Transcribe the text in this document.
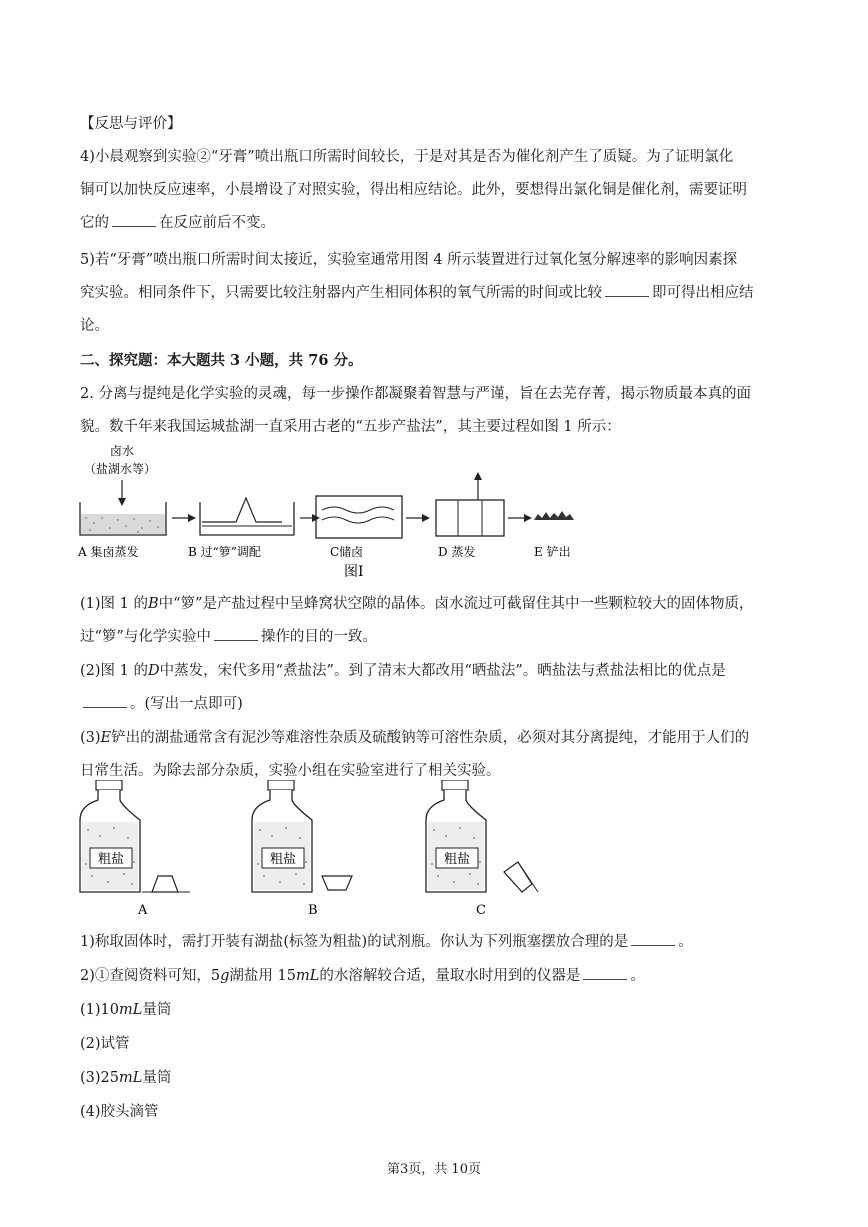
【反思与评价】

4)小晨观察到实验②“牙膏”喷出瓶口所需时间较长，于是对其是否为催化剂产生了质疑。为了证明氯化

铜可以加快反应速率，小晨增设了对照实验，得出相应结论。此外，要想得出氯化铜是催化剂，需要证明

它的	在反应前后不变。

5)若“牙膏”喷出瓶口所需时间太接近，实验室通常用图 4 所示装置进行过氧化氢分解速率的影响因素探

究实验。相同条件下，只需要比较注射器内产生相同体积的氧气所需的时间或比较	即可得出相应结

论。

二、探究题：本大题共 3 小题，共 76 分。

2. 分离与提纯是化学实验的灵魂，每一步操作都凝聚着智慧与严谨，旨在去芜存菁，揭示物质最本真的面

貌。数千年来我国运城盐湖一直采用古老的“五步产盐法”，其主要过程如图 1 所示：

卤水
（盐湖水等）
A 集卤蒸发	B 过“箩”调配	C储卤	D 蒸发	E 铲出
图Ⅰ

(1)图 1 的B中“箩”是产盐过程中呈蜂窝状空隙的晶体。卤水流过可截留住其中一些颗粒较大的固体物质，

过“箩”与化学实验中	操作的目的一致。

(2)图 1 的D中蒸发，宋代多用“煮盐法”。到了清末大都改用“晒盐法”。晒盐法与煮盐法相比的优点是

。(写出一点即可)

(3)E铲出的湖盐通常含有泥沙等难溶性杂质及硫酸钠等可溶性杂质，必须对其分离提纯，才能用于人们的

日常生活。为除去部分杂质，实验小组在实验室进行了相关实验。

粗盐
A
粗盐
B
粗盐
C

1)称取固体时，需打开装有湖盐(标签为粗盐)的试剂瓶。你认为下列瓶塞摆放合理的是	。

2)①查阅资料可知，5g湖盐用 15mL的水溶解较合适，量取水时用到的仪器是	。

(1)10mL量筒

(2)试管

(3)25mL量筒

(4)胶头滴管

第3页，共 10页
